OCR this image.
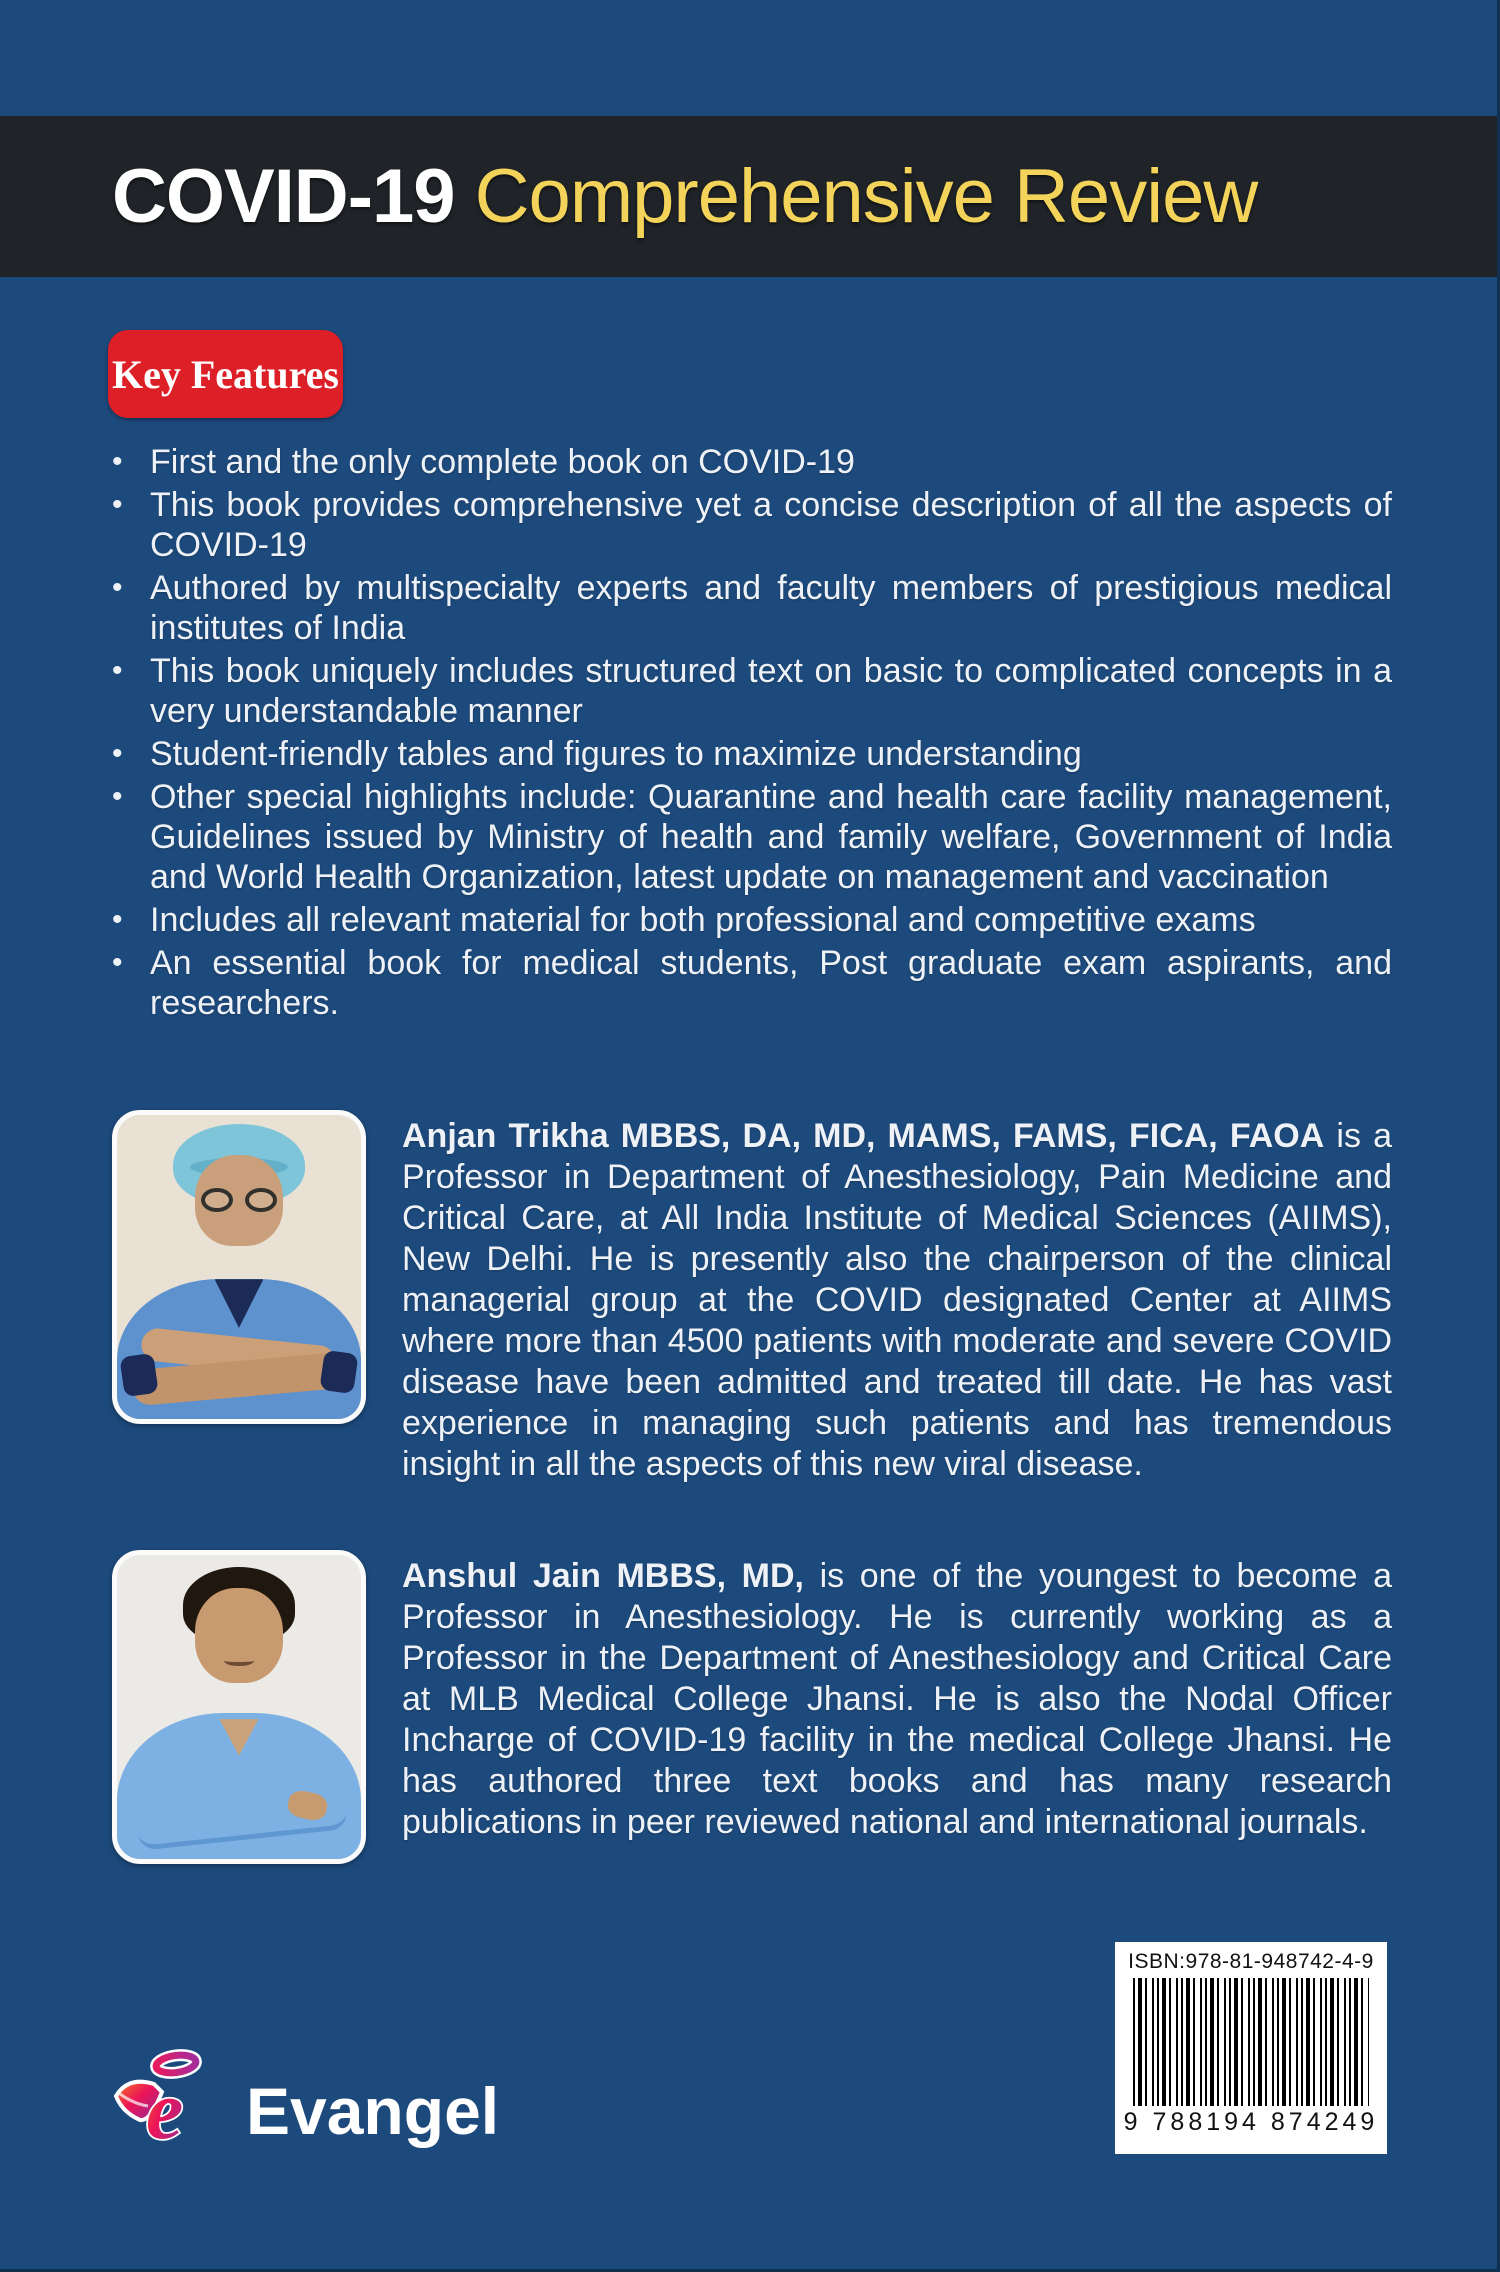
COVID-19 Comprehensive Review
Key Features
• First and the only complete book on COVID-19
• This book provides comprehensive yet a concise description of all the aspects of COVID-19
• Authored by multispecialty experts and faculty members of prestigious medical institutes of India
• This book uniquely includes structured text on basic to complicated concepts in a very understandable manner
• Student-friendly tables and figures to maximize understanding
• Other special highlights include: Quarantine and health care facility management, Guidelines issued by Ministry of health and family welfare, Government of India and World Health Organization, latest update on management and vaccination
• Includes all relevant material for both professional and competitive exams
• An essential book for medical students, Post graduate exam aspirants, and researchers.
Anjan Trikha MBBS, DA, MD, MAMS, FAMS, FICA, FAOA is a Professor in Department of Anesthesiology, Pain Medicine and Critical Care, at All India Institute of Medical Sciences (AIIMS), New Delhi. He is presently also the chairperson of the clinical managerial group at the COVID designated Center at AIIMS where more than 4500 patients with moderate and severe COVID disease have been admitted and treated till date. He has vast experience in managing such patients and has tremendous insight in all the aspects of this new viral disease.
Anshul Jain MBBS, MD, is one of the youngest to become a Professor in Anesthesiology. He is currently working as a Professor in the Department of Anesthesiology and Critical Care at MLB Medical College Jhansi. He is also the Nodal Officer Incharge of COVID-19 facility in the medical College Jhansi. He has authored three text books and has many research publications in peer reviewed national and international journals.
ISBN:978-81-948742-4-9
9 788194 874249
e Evangel
